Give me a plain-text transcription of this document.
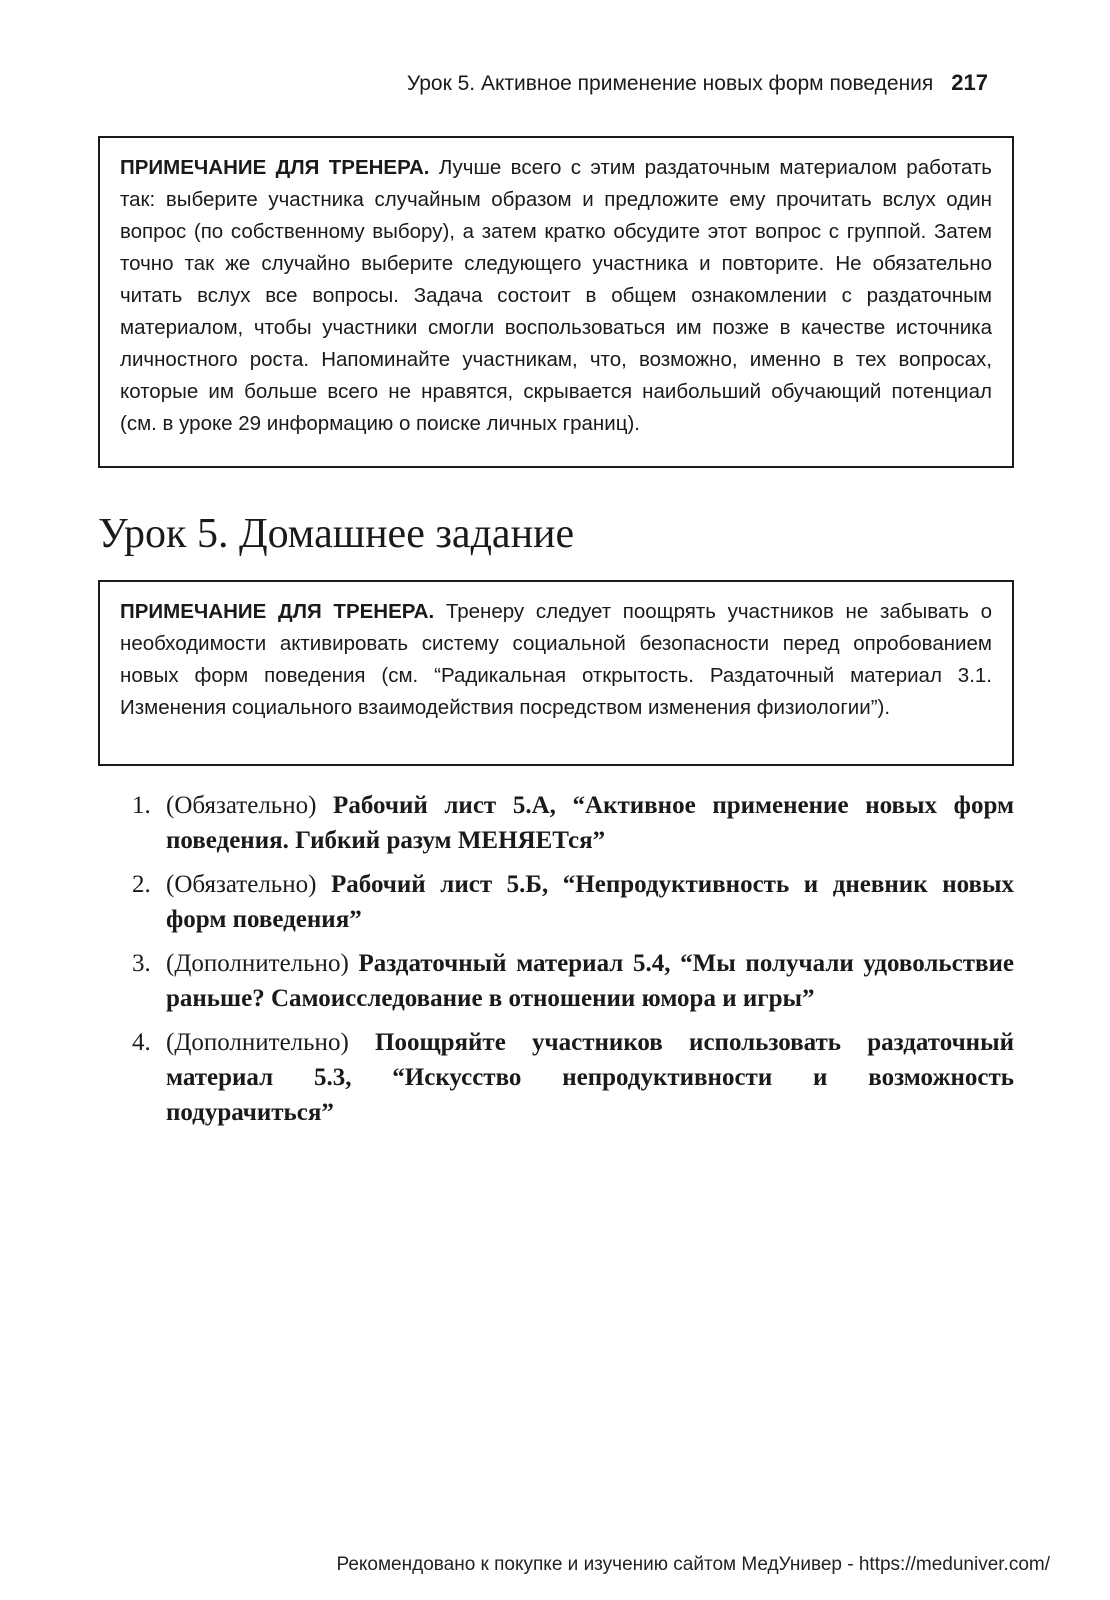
Урок 5. Активное применение новых форм поведения 217
ПРИМЕЧАНИЕ ДЛЯ ТРЕНЕРА. Лучше всего с этим раздаточным материалом работать так: выберите участника случайным образом и предложите ему прочитать вслух один вопрос (по собственному выбору), а затем кратко обсудите этот вопрос с группой. Затем точно так же случайно выберите следующего участника и повторите. Не обязательно читать вслух все вопросы. Задача состоит в общем ознакомлении с раздаточным материалом, чтобы участники смогли воспользоваться им позже в качестве источника личностного роста. Напоминайте участникам, что, возможно, именно в тех вопросах, которые им больше всего не нравятся, скрывается наибольший обучающий потенциал (см. в уроке 29 информацию о поиске личных границ).
Урок 5. Домашнее задание
ПРИМЕЧАНИЕ ДЛЯ ТРЕНЕРА. Тренеру следует поощрять участников не забывать о необходимости активировать систему социальной безопасности перед опробованием новых форм поведения (см. “Радикальная открытость. Раздаточный материал 3.1. Изменения социального взаимодействия посредством изменения физиологии”).
1. (Обязательно) Рабочий лист 5.А, “Активное применение новых форм поведения. Гибкий разум МЕНЯЕТся”
2. (Обязательно) Рабочий лист 5.Б, “Непродуктивность и дневник новых форм поведения”
3. (Дополнительно) Раздаточный материал 5.4, “Мы получали удовольствие раньше? Самоисследование в отношении юмора и игры”
4. (Дополнительно) Поощряйте участников использовать раздаточный материал 5.3, “Искусство непродуктивности и возможность подурачиться”
Рекомендовано к покупке и изучению сайтом МедУнивер - https://meduniver.com/
